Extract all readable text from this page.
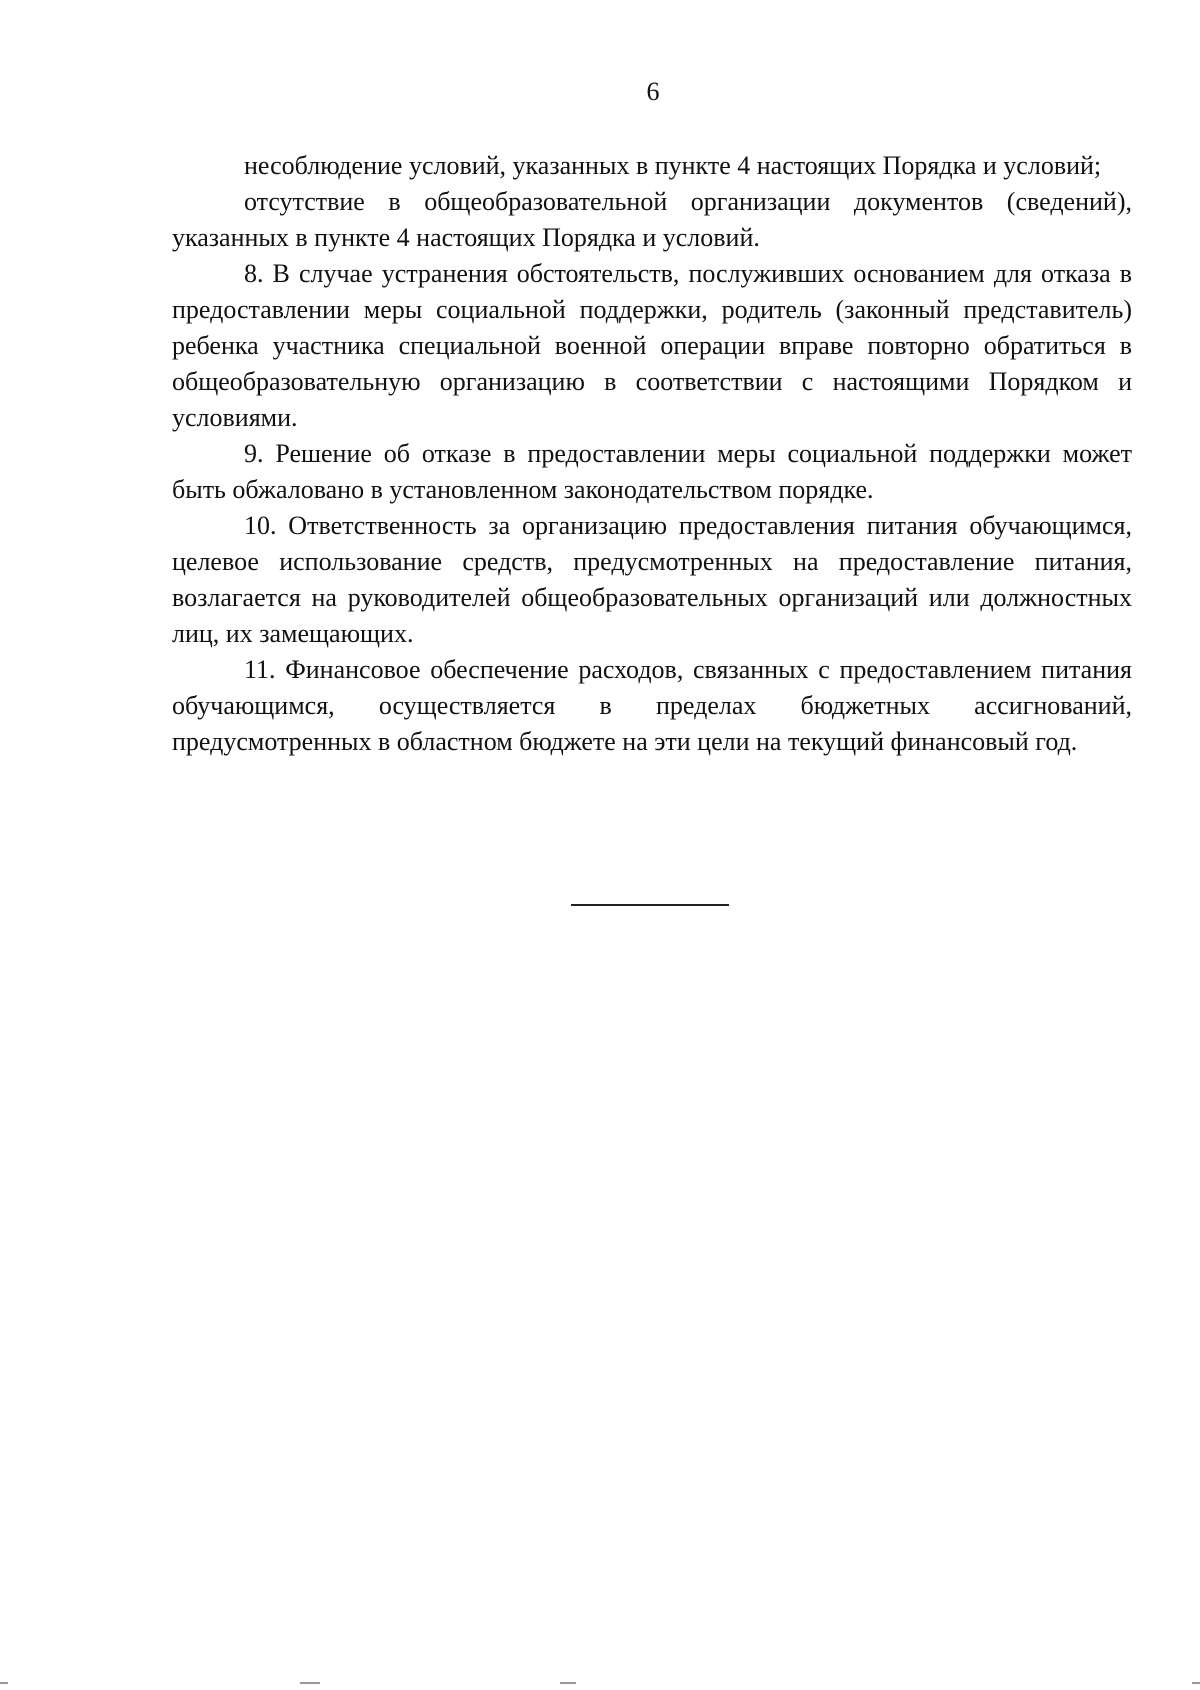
6

несоблюдение условий, указанных в пункте 4 настоящих Порядка и условий;

отсутствие в общеобразовательной организации документов (сведений), указанных в пункте 4 настоящих Порядка и условий.

8. В случае устранения обстоятельств, послуживших основанием для отказа в предоставлении меры социальной поддержки, родитель (законный представитель) ребенка участника специальной военной операции вправе повторно обратиться в общеобразовательную организацию в соответствии с настоящими Порядком и условиями.

9. Решение об отказе в предоставлении меры социальной поддержки может быть обжаловано в установленном законодательством порядке.

10. Ответственность за организацию предоставления питания обучающимся, целевое использование средств, предусмотренных на предоставление питания, возлагается на руководителей общеобразовательных организаций или должностных лиц, их замещающих.

11. Финансовое обеспечение расходов, связанных с предоставлением питания обучающимся, осуществляется в пределах бюджетных ассигнований, предусмотренных в областном бюджете на эти цели на текущий финансовый год.
